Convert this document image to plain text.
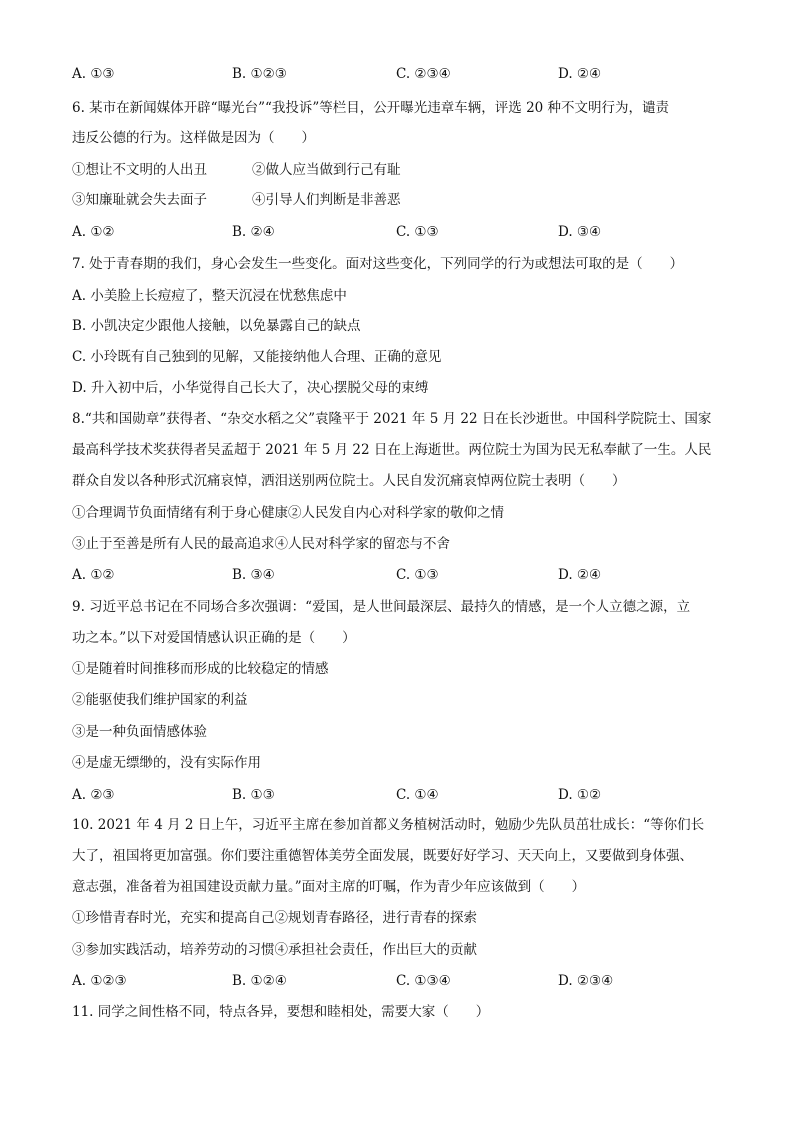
A. ①③	B. ①②③	C. ②③④	D. ②④
6. 某市在新闻媒体开辟“曝光台”“我投诉”等栏目，公开曝光违章车辆，评选 20 种不文明行为，谴责
违反公德的行为。这样做是因为（　　）
①想让不文明的人出丑	②做人应当做到行己有耻
③知廉耻就会失去面子	④引导人们判断是非善恶
A. ①②	B. ②④	C. ①③	D. ③④
7. 处于青春期的我们，身心会发生一些变化。面对这些变化，下列同学的行为或想法可取的是（　　）
A. 小美脸上长痘痘了，整天沉浸在忧愁焦虑中
B. 小凯决定少跟他人接触，以免暴露自己的缺点
C. 小玲既有自己独到的见解，又能接纳他人合理、正确的意见
D. 升入初中后，小华觉得自己长大了，决心摆脱父母的束缚
8.“共和国勋章”获得者、“杂交水稻之父”袁隆平于 2021 年 5 月 22 日在长沙逝世。中国科学院院士、国家
最高科学技术奖获得者吴孟超于 2021 年 5 月 22 日在上海逝世。两位院士为国为民无私奉献了一生。人民
群众自发以各种形式沉痛哀悼，洒泪送别两位院士。人民自发沉痛哀悼两位院士表明（　　）
①合理调节负面情绪有利于身心健康②人民发自内心对科学家的敬仰之情
③止于至善是所有人民的最高追求④人民对科学家的留恋与不舍
A. ①②	B. ③④	C. ①③	D. ②④
9. 习近平总书记在不同场合多次强调：“爱国，是人世间最深层、最持久的情感，是一个人立德之源，立
功之本。”以下对爱国情感认识正确的是（　　）
①是随着时间推移而形成的比较稳定的情感
②能驱使我们维护国家的利益
③是一种负面情感体验
④是虚无缥缈的，没有实际作用
A. ②③	B. ①③	C. ①④	D. ①②
10. 2021 年 4 月 2 日上午，习近平主席在参加首都义务植树活动时，勉励少先队员茁壮成长：“等你们长
大了，祖国将更加富强。你们要注重德智体美劳全面发展，既要好好学习、天天向上，又要做到身体强、
意志强，准备着为祖国建设贡献力量。”面对主席的叮嘱，作为青少年应该做到（　　）
①珍惜青春时光，充实和提高自己②规划青春路径，进行青春的探索
③参加实践活动，培养劳动的习惯④承担社会责任，作出巨大的贡献
A. ①②③	B. ①②④	C. ①③④	D. ②③④
11. 同学之间性格不同，特点各异，要想和睦相处，需要大家（　　）
